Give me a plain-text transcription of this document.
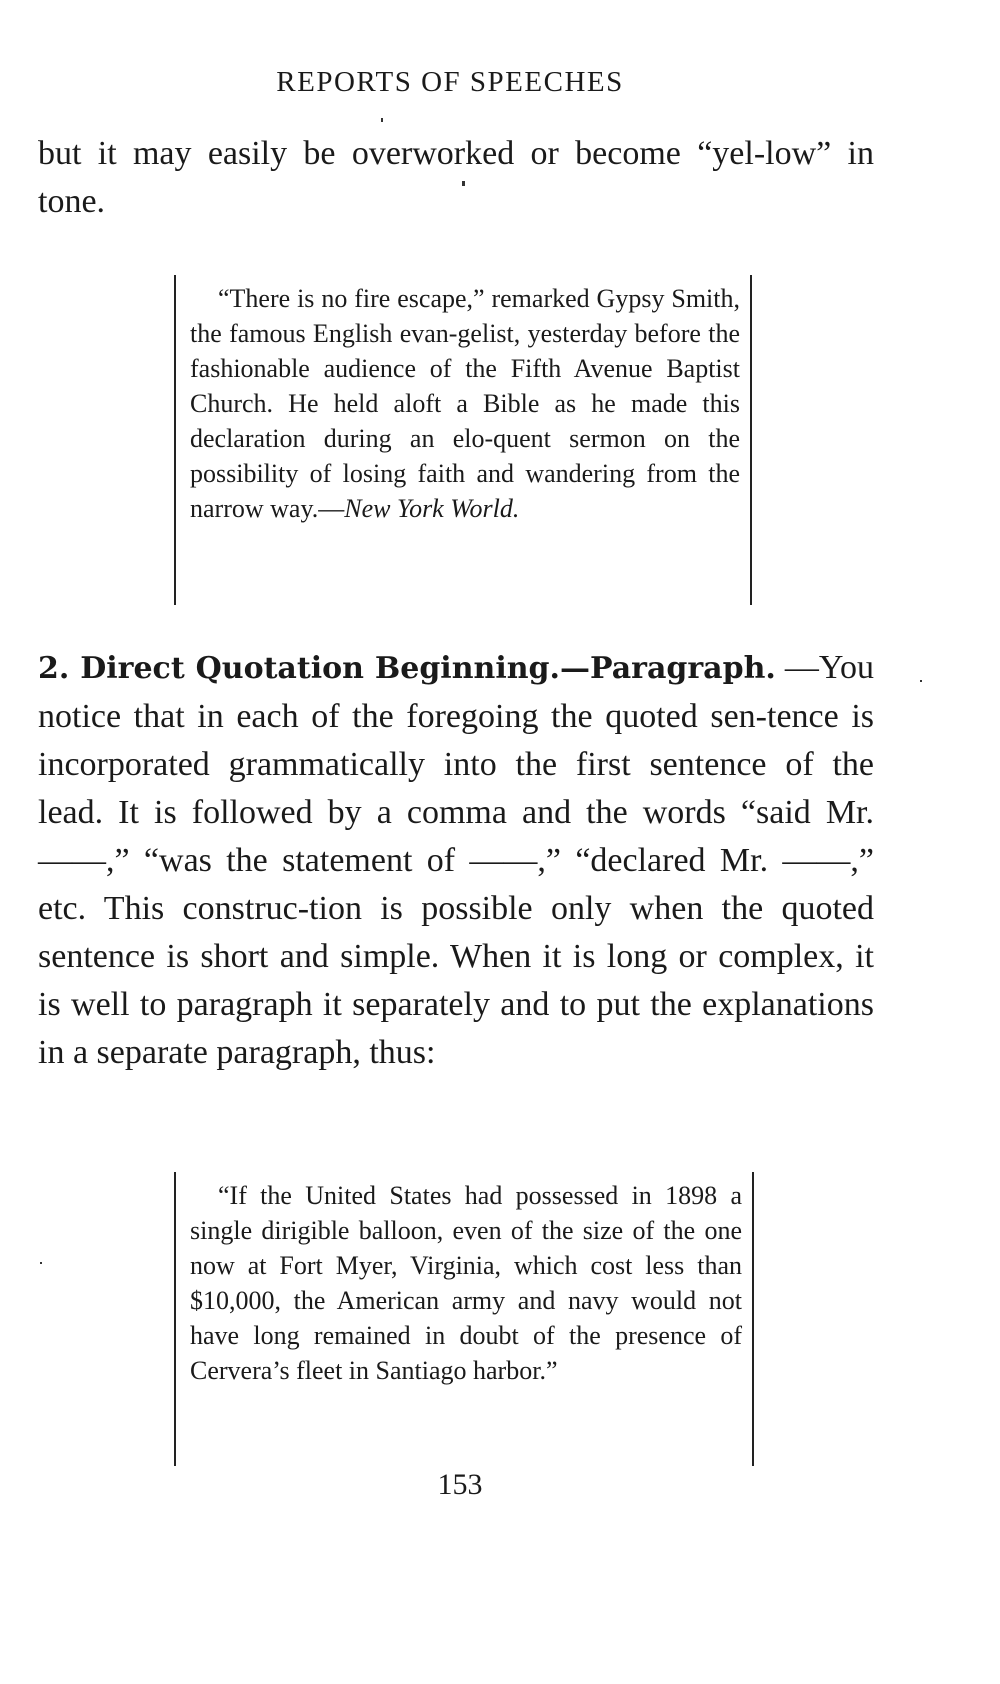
REPORTS OF SPEECHES

but it may easily be overworked or become “yel-low” in tone.

“There is no fire escape,” remarked Gypsy Smith, the famous English evan-gelist, yesterday before the fashionable audience of the Fifth Avenue Baptist Church. He held aloft a Bible as he made this declaration during an elo-quent sermon on the possibility of losing faith and wandering from the narrow way.—New York World.

2. Direct Quotation Beginning.—Paragraph. —You notice that in each of the foregoing the quoted sen-tence is incorporated grammatically into the first sentence of the lead. It is followed by a comma and the words “said Mr. ——,” “was the statement of ——,” “declared Mr. ——,” etc. This construc-tion is possible only when the quoted sentence is short and simple. When it is long or complex, it is well to paragraph it separately and to put the explanations in a separate paragraph, thus:

“If the United States had possessed in 1898 a single dirigible balloon, even of the size of the one now at Fort Myer, Virginia, which cost less than $10,000, the American army and navy would not have long remained in doubt of the presence of Cervera’s fleet in Santiago harbor.”

153
